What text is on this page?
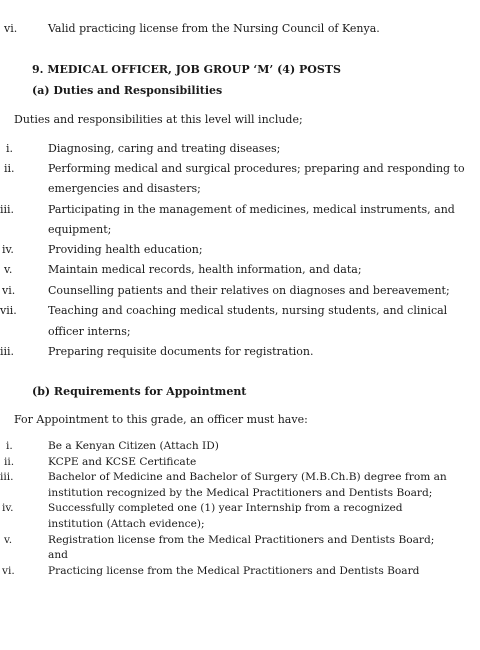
vi.	Valid practicing license from the Nursing Council of Kenya.
9. MEDICAL OFFICER, JOB GROUP ‘M’ (4) POSTS
(a) Duties and Responsibilities
Duties and responsibilities at this level will include;
i.	Diagnosing, caring and treating diseases;
ii.	Performing medical and surgical procedures; preparing and responding to
emergencies and disasters;
iii.	Participating in the management of medicines, medical instruments, and
equipment;
iv.	Providing health education;
v.	Maintain medical records, health information, and data;
vi.	Counselling patients and their relatives on diagnoses and bereavement;
vii.	Teaching and coaching medical students, nursing students, and clinical
officer interns;
iii.	Preparing requisite documents for registration.
(b) Requirements for Appointment
For Appointment to this grade, an officer must have:
i.	Be a Kenyan Citizen (Attach ID)
ii.	KCPE and KCSE Certificate
iii.	Bachelor of Medicine and Bachelor of Surgery (M.B.Ch.B) degree from an
institution recognized by the Medical Practitioners and Dentists Board;
iv.	Successfully completed one (1) year Internship from a recognized
institution (Attach evidence);
v.	Registration license from the Medical Practitioners and Dentists Board;
and
vi.	Practicing license from the Medical Practitioners and Dentists Board
